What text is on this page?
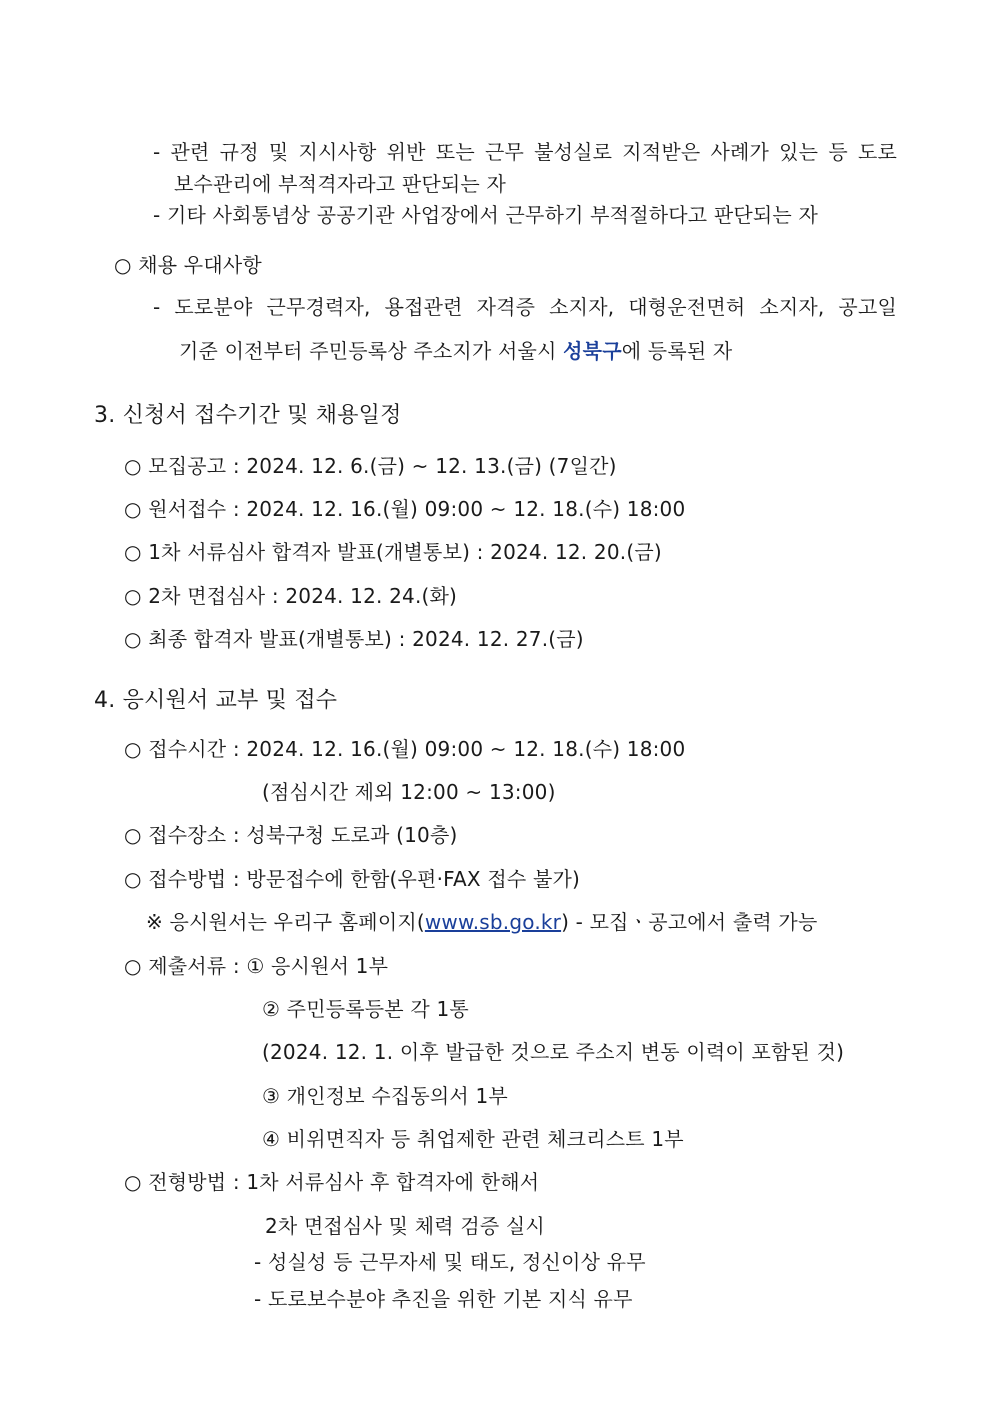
- 관련 규정 및 지시사항 위반 또는 근무 불성실로 지적받은 사례가 있는 등 도로
보수관리에 부적격자라고 판단되는 자
- 기타 사회통념상 공공기관 사업장에서 근무하기 부적절하다고 판단되는 자
○ 채용 우대사항
- 도로분야 근무경력자, 용접관련 자격증 소지자, 대형운전면허 소지자, 공고일
기준 이전부터 주민등록상 주소지가 서울시 성북구에 등록된 자
3. 신청서 접수기간 및 채용일정
○ 모집공고 : 2024. 12. 6.(금) ~ 12. 13.(금) (7일간)
○ 원서접수 : 2024. 12. 16.(월) 09:00 ~ 12. 18.(수) 18:00
○ 1차 서류심사 합격자 발표(개별통보) : 2024. 12. 20.(금)
○ 2차 면접심사 : 2024. 12. 24.(화)
○ 최종 합격자 발표(개별통보) : 2024. 12. 27.(금)
4. 응시원서 교부 및 접수
○ 접수시간 : 2024. 12. 16.(월) 09:00 ~ 12. 18.(수) 18:00
(점심시간 제외 12:00 ~ 13:00)
○ 접수장소 : 성북구청 도로과 (10층)
○ 접수방법 : 방문접수에 한함(우편·FAX 접수 불가)
※ 응시원서는 우리구 홈페이지(www.sb.go.kr) - 모집ㆍ공고에서 출력 가능
○ 제출서류 : ① 응시원서 1부
② 주민등록등본 각 1통
(2024. 12. 1. 이후 발급한 것으로 주소지 변동 이력이 포함된 것)
③ 개인정보 수집동의서 1부
④ 비위면직자 등 취업제한 관련 체크리스트 1부
○ 전형방법 : 1차 서류심사 후 합격자에 한해서
2차 면접심사 및 체력 검증 실시
- 성실성 등 근무자세 및 태도, 정신이상 유무
- 도로보수분야 추진을 위한 기본 지식 유무
